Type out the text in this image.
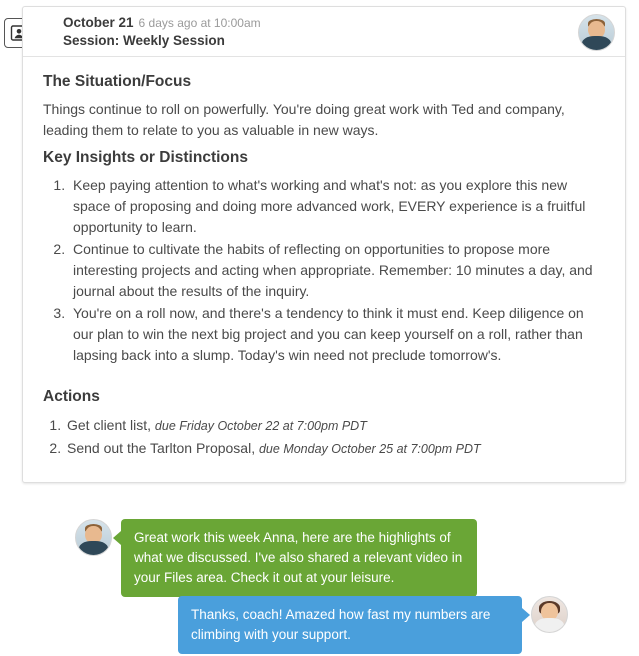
October 21 6 days ago at 10:00am
Session: Weekly Session
The Situation/Focus

Things continue to roll on powerfully. You're doing great work with Ted and company, leading them to relate to you as valuable in new ways.

Key Insights or Distinctions
1. Keep paying attention to what's working and what's not: as you explore this new space of proposing and doing more advanced work, EVERY experience is a fruitful opportunity to learn.
2. Continue to cultivate the habits of reflecting on opportunities to propose more interesting projects and acting when appropriate. Remember: 10 minutes a day, and journal about the results of the inquiry.
3. You're on a roll now, and there's a tendency to think it must end. Keep diligence on our plan to win the next big project and you can keep yourself on a roll, rather than lapsing back into a slump. Today's win need not preclude tomorrow's.
Actions
1. Get client list, due Friday October 22 at 7:00pm PDT
2. Send out the Tarlton Proposal, due Monday October 25 at 7:00pm PDT
Great work this week Anna, here are the highlights of what we discussed. I've also shared a relevant video in your Files area. Check it out at your leisure.
Thanks, coach! Amazed how fast my numbers are climbing with your support.
